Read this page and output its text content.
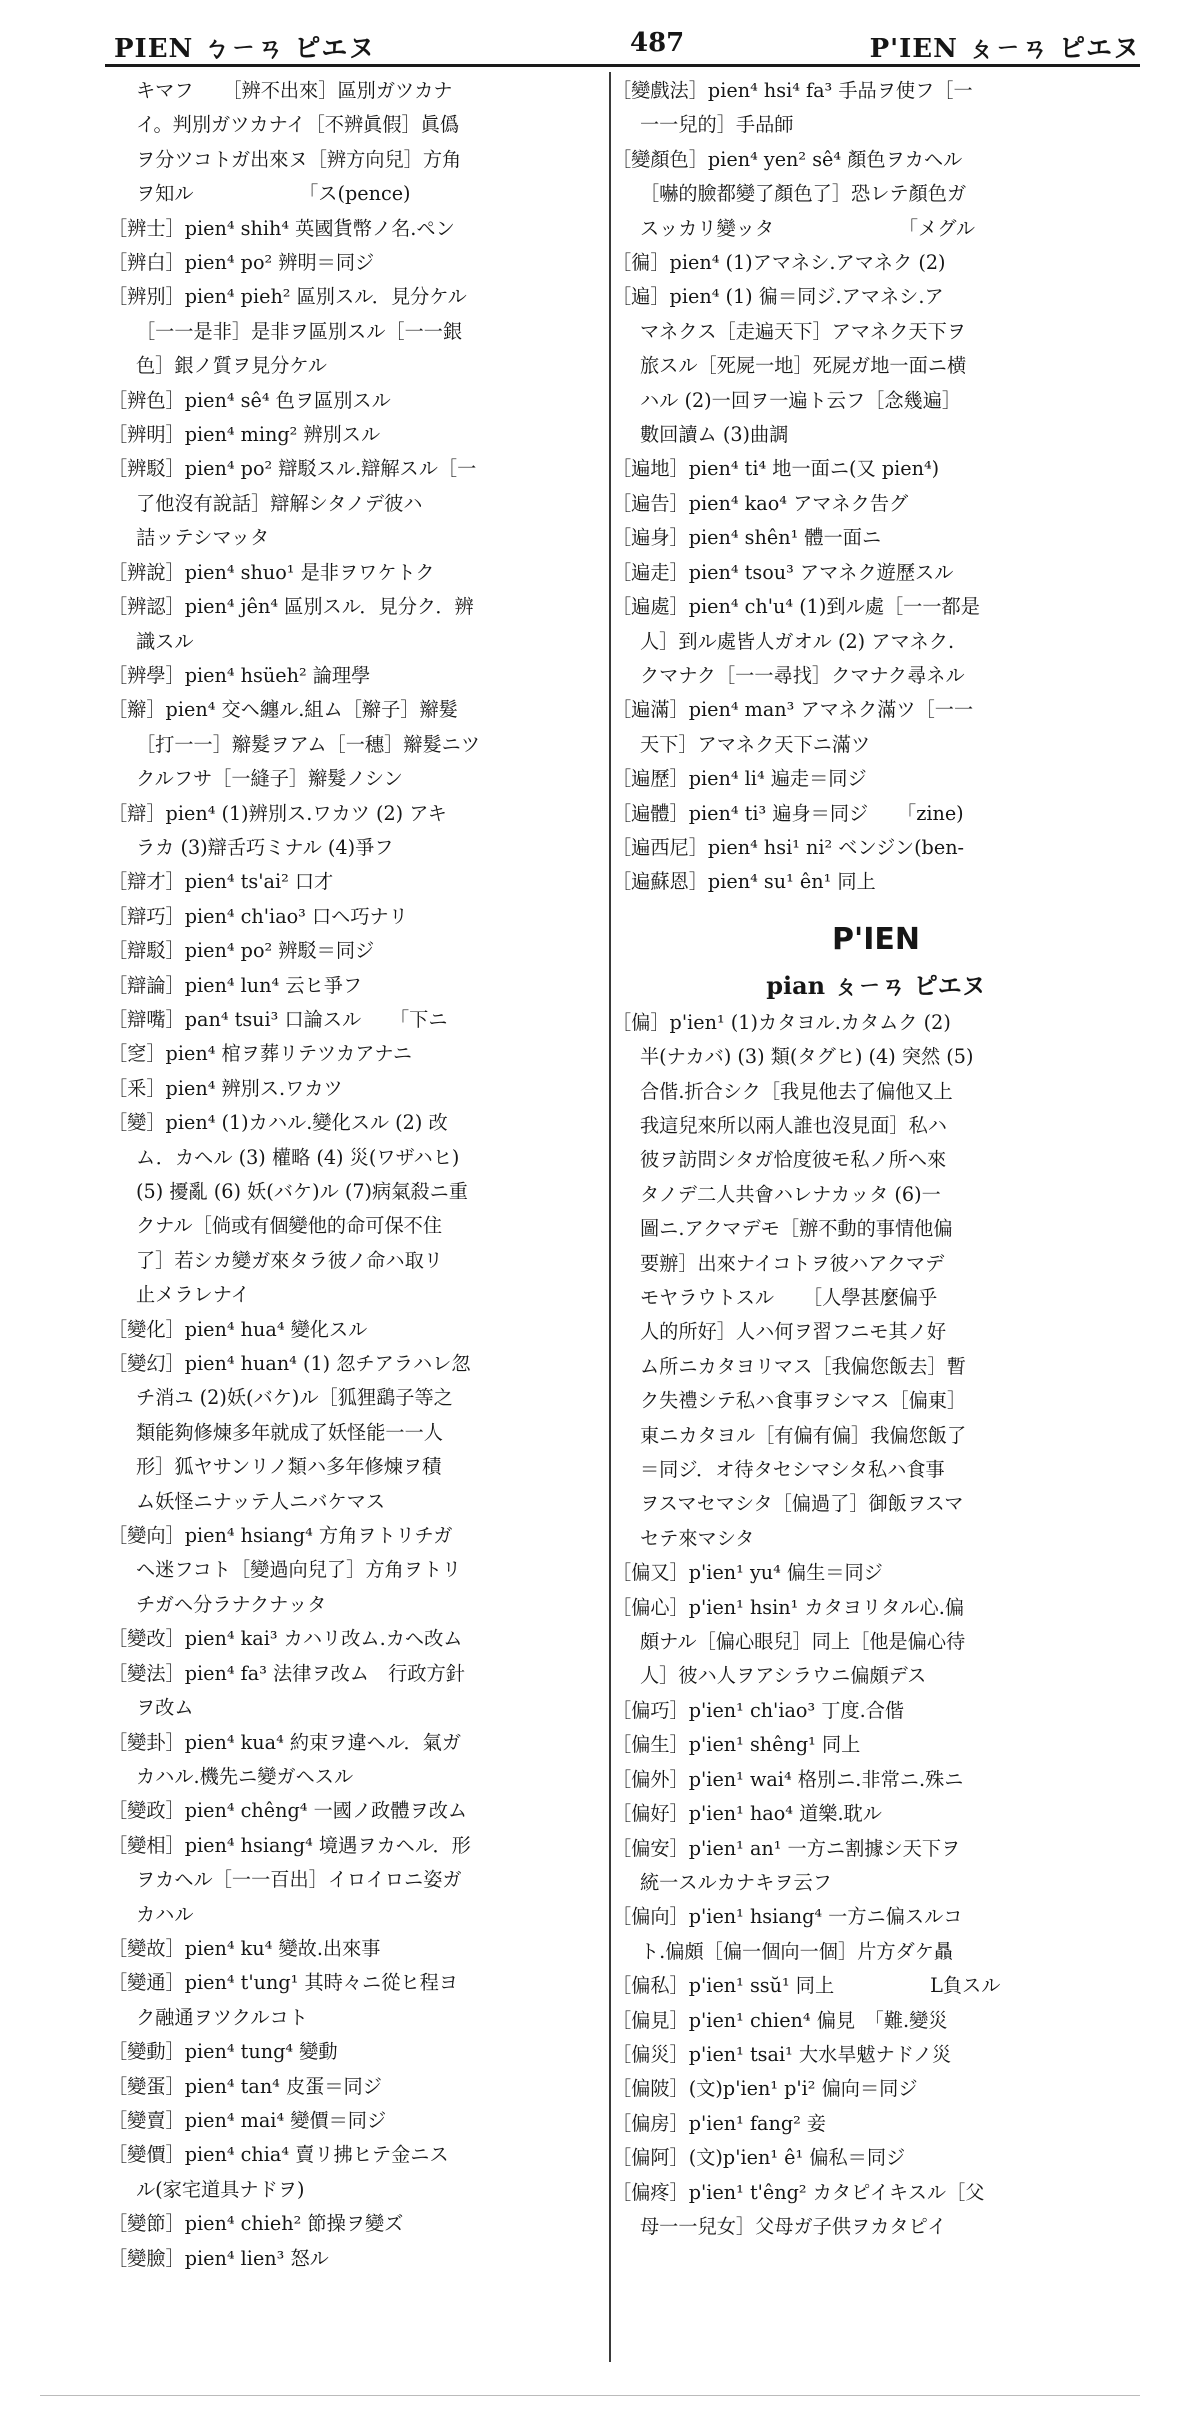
PIEN ㄅㄧㄢ ピエヌ	487	P'IEN ㄆㄧㄢ ピエヌ
キマフ　　［辨不出來］區別ガツカナ
イ。判別ガツカナイ［不辨眞假］眞僞
ヲ分ツコトガ出來ヌ［辨方向兒］方角
ヲ知ル　　　　　　「ス(pence)
［辨士］pien⁴ shih⁴ 英國貨幣ノ名.ペン
［辨白］pien⁴ po² 辨明＝同ジ
［辨別］pien⁴ pieh² 區別スル．見分ケル
［一一是非］是非ヲ區別スル［一一銀
色］銀ノ質ヲ見分ケル
［辨色］pien⁴ sê⁴ 色ヲ區別スル
［辨明］pien⁴ ming² 辨別スル
［辨駁］pien⁴ po² 辯駁スル.辯解スル［一
了他沒有說話］辯解シタノデ彼ハ
詰ッテシマッタ
［辨說］pien⁴ shuo¹ 是非ヲワケトク
［辨認］pien⁴ jên⁴ 區別スル．見分ク．辨
識スル
［辨學］pien⁴ hsüeh² 論理學
［辮］pien⁴ 交ヘ纏ル.組ム［辮子］辮髮
［打一一］辮髮ヲアム［一穗］辮髮ニツ
クルフサ［一縫子］辮髮ノシン
［辯］pien⁴ (1)辨別ス.ワカツ (2) アキ
ラカ (3)辯舌巧ミナル (4)爭フ
［辯才］pien⁴ ts'ai² 口才
［辯巧］pien⁴ ch'iao³ 口ヘ巧ナリ
［辯駁］pien⁴ po² 辨駁＝同ジ
［辯論］pien⁴ lun⁴ 云ヒ爭フ
［辯嘴］pan⁴ tsui³ 口論スル　　「下ニ
［窆］pien⁴ 棺ヲ葬リテツカアナニ
［釆］pien⁴ 辨別ス.ワカツ
［變］pien⁴ (1)カハル.變化スル (2) 改
ム．カヘル (3) 權略 (4) 災(ワザハヒ)
(5) 擾亂 (6) 妖(バケ)ル (7)病氣殺ニ重
クナル［倘或有個變他的命可保不住
了］若シカ變ガ來タラ彼ノ命ハ取リ
止メラレナイ
［變化］pien⁴ hua⁴ 變化スル
［變幻］pien⁴ huan⁴ (1) 忽チアラハレ忽
チ消ユ (2)妖(バケ)ル［狐狸鷂子等之
類能夠修煉多年就成了妖怪能一一人
形］狐ヤサンリノ類ハ多年修煉ヲ積
ム妖怪ニナッテ人ニバケマス
［變向］pien⁴ hsiang⁴ 方角ヲトリチガ
ヘ迷フコト［變過向兒了］方角ヲトリ
チガヘ分ラナクナッタ
［變改］pien⁴ kai³ カハリ改ム.カヘ改ム
［變法］pien⁴ fa³ 法律ヲ改ム　行政方針
ヲ改ム
［變卦］pien⁴ kua⁴ 約束ヲ違ヘル．氣ガ
カハル.機先ニ變ガヘスル
［變政］pien⁴ chêng⁴ 一國ノ政體ヲ改ム
［變相］pien⁴ hsiang⁴ 境遇ヲカヘル．形
ヲカヘル［一一百出］イロイロニ姿ガ
カハル
［變故］pien⁴ ku⁴ 變故.出來事
［變通］pien⁴ t'ung¹ 其時々ニ從ヒ程ヨ
ク融通ヲツクルコト
［變動］pien⁴ tung⁴ 變動
［變蛋］pien⁴ tan⁴ 皮蛋＝同ジ
［變賣］pien⁴ mai⁴ 變價＝同ジ
［變價］pien⁴ chia⁴ 賣リ拂ヒテ金ニス
ル(家宅道具ナドヲ)
［變節］pien⁴ chieh² 節操ヲ變ズ
［變臉］pien⁴ lien³ 怒ル
［變戲法］pien⁴ hsi⁴ fa³ 手品ヲ使フ［一
一一兒的］手品師
［變顏色］pien⁴ yen² sê⁴ 顏色ヲカヘル
［嚇的臉都變了顏色了］恐レテ顏色ガ
スッカリ變ッタ　　　　　　　「メグル
［徧］pien⁴ (1)アマネシ.アマネク (2)
［遍］pien⁴ (1) 徧＝同ジ.アマネシ.ア
マネクス［走遍天下］アマネク天下ヲ
旅スル［死屍一地］死屍ガ地一面ニ横
ハル (2)一回ヲ一遍ト云フ［念幾遍］
數回讀ム (3)曲調
［遍地］pien⁴ ti⁴ 地一面ニ(又 pien⁴)
［遍告］pien⁴ kao⁴ アマネク告グ
［遍身］pien⁴ shên¹ 體一面ニ
［遍走］pien⁴ tsou³ アマネク遊歷スル
［遍處］pien⁴ ch'u⁴ (1)到ル處［一一都是
人］到ル處皆人ガオル (2) アマネク.
クマナク［一一尋找］クマナク尋ネル
［遍滿］pien⁴ man³ アマネク滿ツ［一一
天下］アマネク天下ニ滿ツ
［遍歷］pien⁴ li⁴ 遍走＝同ジ
［遍體］pien⁴ ti³ 遍身＝同ジ　　「zine)
［遍西尼］pien⁴ hsi¹ ni² ベンジン(ben-
［遍蘇恩］pien⁴ su¹ ên¹ 同上
P'IEN
pian ㄆㄧㄢ ピエヌ
［偏］p'ien¹ (1)カタヨル.カタムク (2)
半(ナカバ) (3) 類(タグヒ) (4) 突然 (5)
合偕.折合シク［我見他去了偏他又上
我這兒來所以兩人誰也沒見面］私ハ
彼ヲ訪問シタガ恰度彼モ私ノ所ヘ來
タノデ二人共會ハレナカッタ (6)一
圖ニ.アクマデモ［辦不動的事情他偏
要辦］出來ナイコトヲ彼ハアクマデ
モヤラウトスル　　［人學甚麼偏乎
人的所好］人ハ何ヲ習フニモ其ノ好
ム所ニカタヨリマス［我偏您飯去］暫
ク失禮シテ私ハ食事ヲシマス［偏東］
東ニカタヨル［有偏有偏］我偏您飯了
＝同ジ．オ待タセシマシタ私ハ食事
ヲスマセマシタ［偏過了］御飯ヲスマ
セテ來マシタ
［偏又］p'ien¹ yu⁴ 偏生＝同ジ
［偏心］p'ien¹ hsin¹ カタヨリタル心.偏
頗ナル［偏心眼兒］同上［他是偏心待
人］彼ハ人ヲアシラウニ偏頗デス
［偏巧］p'ien¹ ch'iao³ 丁度.合偕
［偏生］p'ien¹ shêng¹ 同上
［偏外］p'ien¹ wai⁴ 格別ニ.非常ニ.殊ニ
［偏好］p'ien¹ hao⁴ 道樂.耽ル
［偏安］p'ien¹ an¹ 一方ニ割據シ天下ヲ
統一スルカナキヲ云フ
［偏向］p'ien¹ hsiang⁴ 一方ニ偏スルコ
ト.偏頗［偏一個向一個］片方ダケ贔
［偏私］p'ien¹ ssŭ¹ 同上　　　　　L負スル
［偏見］p'ien¹ chien⁴ 偏見　「難.變災
［偏災］p'ien¹ tsai¹ 大水旱魃ナドノ災
［偏陂］(文)p'ien¹ p'i² 偏向＝同ジ
［偏房］p'ien¹ fang² 妾
［偏阿］(文)p'ien¹ ê¹ 偏私＝同ジ
［偏疼］p'ien¹ t'êng² カタピイキスル［父
母一一兒女］父母ガ子供ヲカタピイ
